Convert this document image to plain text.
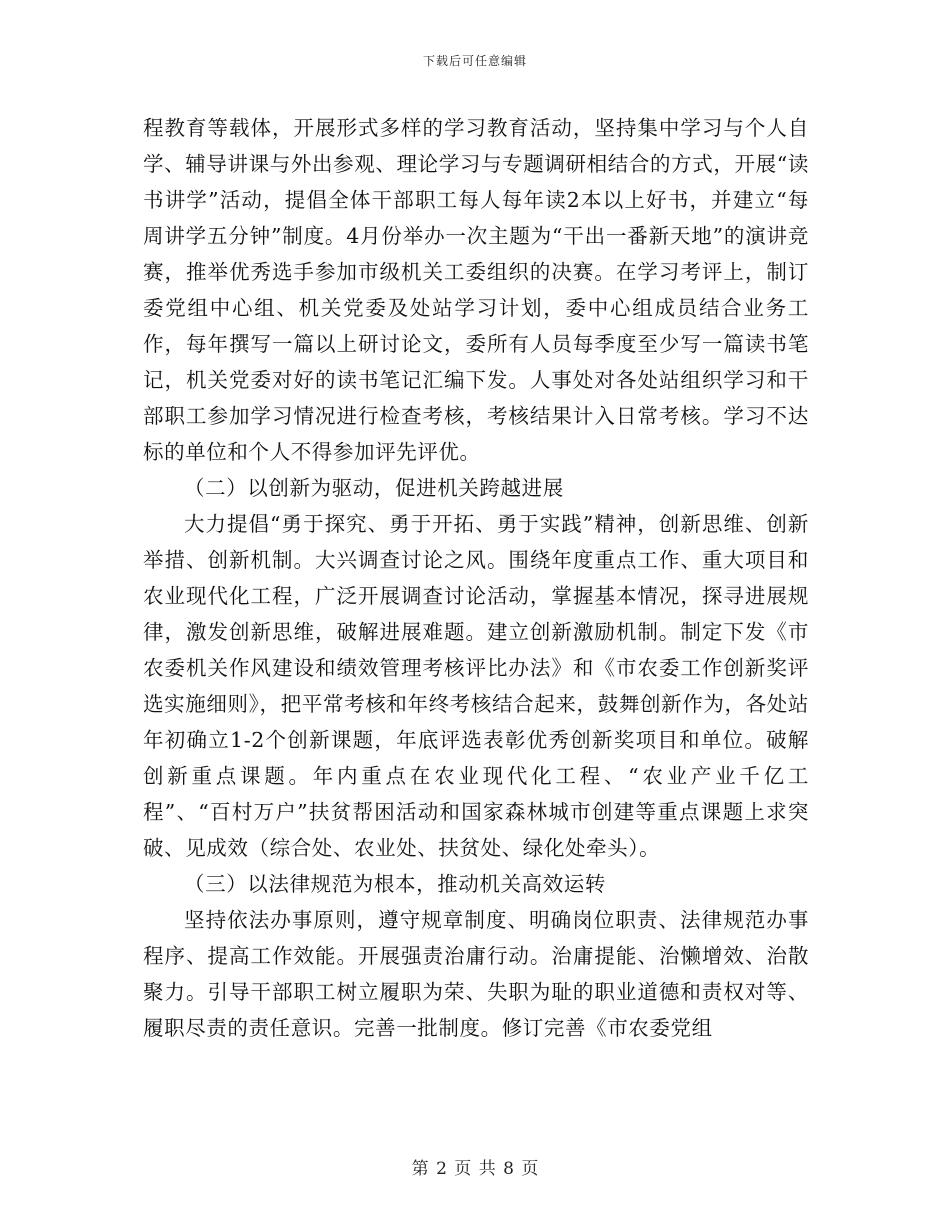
下载后可任意编辑

程教育等载体，开展形式多样的学习教育活动，坚持集中学习与个人自学、辅导讲课与外出参观、理论学习与专题调研相结合的方式，开展“读书讲学”活动，提倡全体干部职工每人每年读2本以上好书，并建立“每周讲学五分钟”制度。4月份举办一次主题为“干出一番新天地”的演讲竞赛，推举优秀选手参加市级机关工委组织的决赛。在学习考评上，制订委党组中心组、机关党委及处站学习计划，委中心组成员结合业务工作，每年撰写一篇以上研讨论文，委所有人员每季度至少写一篇读书笔记，机关党委对好的读书笔记汇编下发。人事处对各处站组织学习和干部职工参加学习情况进行检查考核，考核结果计入日常考核。学习不达标的单位和个人不得参加评先评优。

（二）以创新为驱动，促进机关跨越进展

大力提倡“勇于探究、勇于开拓、勇于实践”精神，创新思维、创新举措、创新机制。大兴调查讨论之风。围绕年度重点工作、重大项目和农业现代化工程，广泛开展调查讨论活动，掌握基本情况，探寻进展规律，激发创新思维，破解进展难题。建立创新激励机制。制定下发《市农委机关作风建设和绩效管理考核评比办法》和《市农委工作创新奖评选实施细则》，把平常考核和年终考核结合起来，鼓舞创新作为，各处站年初确立1-2个创新课题，年底评选表彰优秀创新奖项目和单位。破解创新重点课题。年内重点在农业现代化工程、“农业产业千亿工程”、“百村万户”扶贫帮困活动和国家森林城市创建等重点课题上求突破、见成效（综合处、农业处、扶贫处、绿化处牵头）。

（三）以法律规范为根本，推动机关高效运转

坚持依法办事原则，遵守规章制度、明确岗位职责、法律规范办事程序、提高工作效能。开展强责治庸行动。治庸提能、治懒增效、治散聚力。引导干部职工树立履职为荣、失职为耻的职业道德和责权对等、履职尽责的责任意识。完善一批制度。修订完善《市农委党组

第 2 页 共 8 页
